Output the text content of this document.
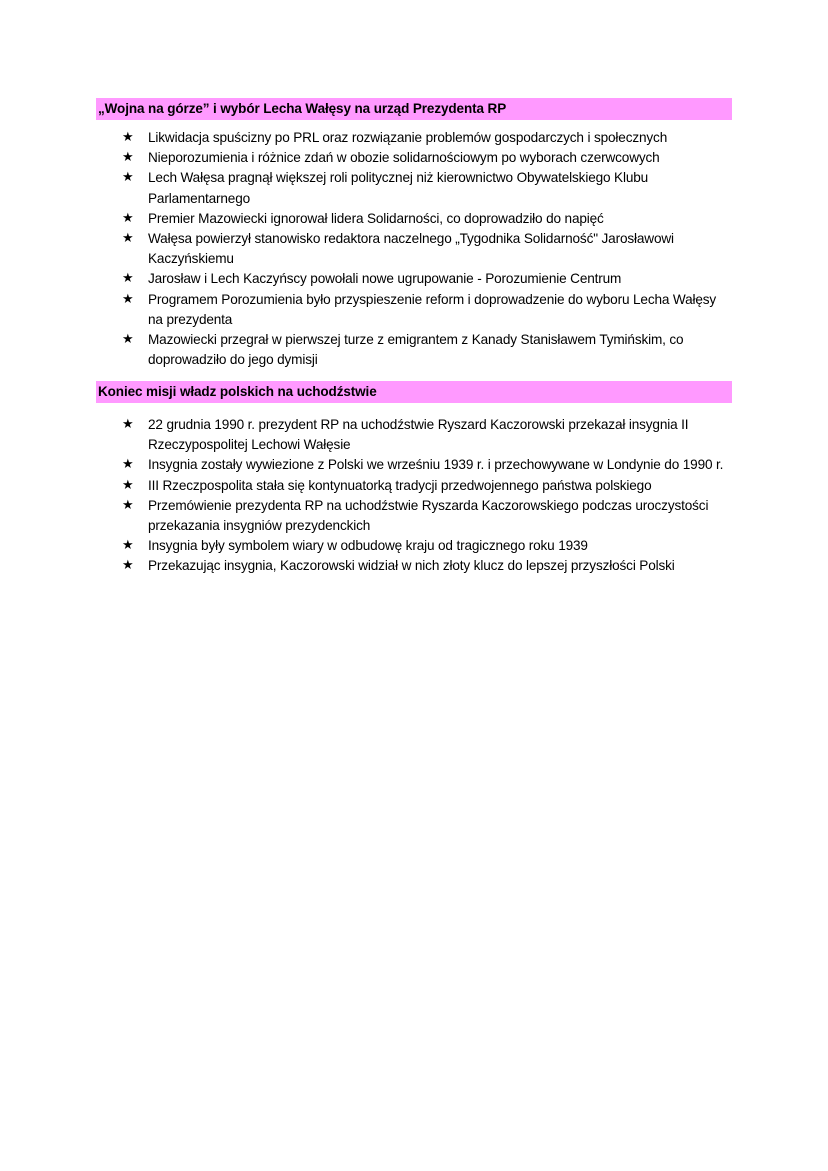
„Wojna na górze” i wybór Lecha Wałęsy na urząd Prezydenta RP
★ Likwidacja spuścizny po PRL oraz rozwiązanie problemów gospodarczych i społecznych
★ Nieporozumienia i różnice zdań w obozie solidarnościowym po wyborach czerwcowych
★ Lech Wałęsa pragnął większej roli politycznej niż kierownictwo Obywatelskiego Klubu Parlamentarnego
★ Premier Mazowiecki ignorował lidera Solidarności, co doprowadziło do napięć
★ Wałęsa powierzył stanowisko redaktora naczelnego „Tygodnika Solidarność" Jarosławowi Kaczyńskiemu
★ Jarosław i Lech Kaczyńscy powołali nowe ugrupowanie - Porozumienie Centrum
★ Programem Porozumienia było przyspieszenie reform i doprowadzenie do wyboru Lecha Wałęsy na prezydenta
★ Mazowiecki przegrał w pierwszej turze z emigrantem z Kanady Stanisławem Tymińskim, co doprowadziło do jego dymisji
Koniec misji władz polskich na uchodźstwie
★ 22 grudnia 1990 r. prezydent RP na uchodźstwie Ryszard Kaczorowski przekazał insygnia II Rzeczypospolitej Lechowi Wałęsie
★ Insygnia zostały wywiezione z Polski we wrześniu 1939 r. i przechowywane w Londynie do 1990 r.
★ III Rzeczpospolita stała się kontynuatorką tradycji przedwojennego państwa polskiego
★ Przemówienie prezydenta RP na uchodźstwie Ryszarda Kaczorowskiego podczas uroczystości przekazania insygniów prezydenckich
★ Insygnia były symbolem wiary w odbudowę kraju od tragicznego roku 1939
★ Przekazując insygnia, Kaczorowski widział w nich złoty klucz do lepszej przyszłości Polski
